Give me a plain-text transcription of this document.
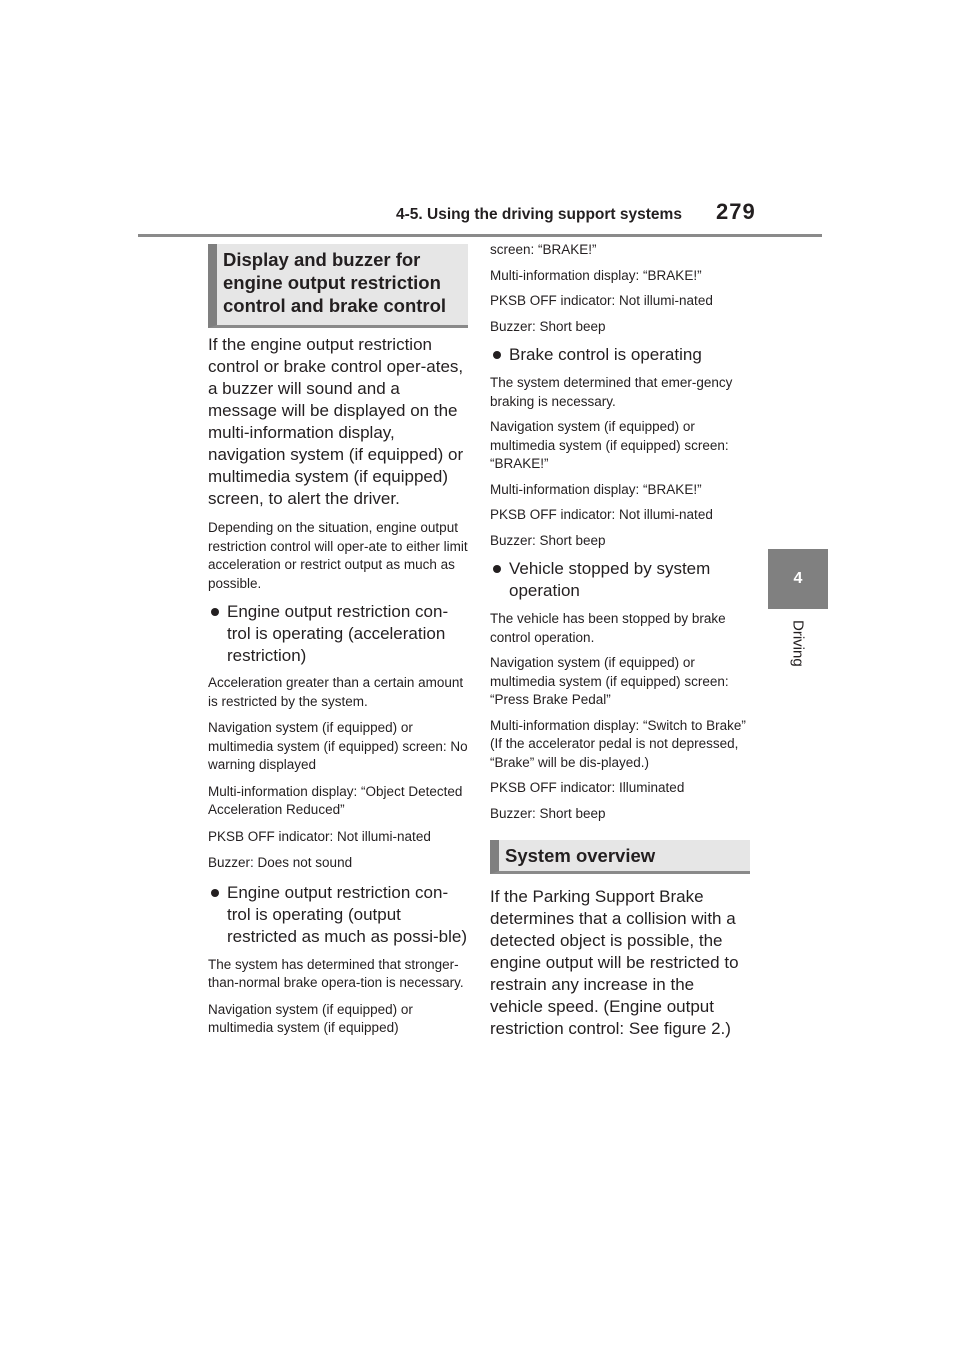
4-5. Using the driving support systems	279
4
Driving
Display and buzzer for engine output restriction control and brake control

If the engine output restriction control or brake control oper-ates, a buzzer will sound and a message will be displayed on the multi-information display, navigation system (if equipped) or multimedia system (if equipped) screen, to alert the driver.

Depending on the situation, engine output restriction control will oper-ate to either limit acceleration or restrict output as much as possible.

Engine output restriction con-trol is operating (acceleration restriction)

Acceleration greater than a certain amount is restricted by the system.

Navigation system (if equipped) or multimedia system (if equipped) screen: No warning displayed

Multi-information display: “Object Detected Acceleration Reduced”

PKSB OFF indicator: Not illumi-nated

Buzzer: Does not sound

Engine output restriction con-trol is operating (output restricted as much as possi-ble)

The system has determined that stronger-than-normal brake opera-tion is necessary.

Navigation system (if equipped) or multimedia system (if equipped)

screen: “BRAKE!”

Multi-information display: “BRAKE!”

PKSB OFF indicator: Not illumi-nated

Buzzer: Short beep

Brake control is operating

The system determined that emer-gency braking is necessary.

Navigation system (if equipped) or multimedia system (if equipped) screen: “BRAKE!”

Multi-information display: “BRAKE!”

PKSB OFF indicator: Not illumi-nated

Buzzer: Short beep

Vehicle stopped by system operation

The vehicle has been stopped by brake control operation.

Navigation system (if equipped) or multimedia system (if equipped) screen: “Press Brake Pedal”

Multi-information display: “Switch to Brake” (If the accelerator pedal is not depressed, “Brake” will be dis-played.)

PKSB OFF indicator: Illuminated

Buzzer: Short beep

System overview

If the Parking Support Brake determines that a collision with a detected object is possible, the engine output will be restricted to restrain any increase in the vehicle speed. (Engine output restriction control: See figure 2.)
